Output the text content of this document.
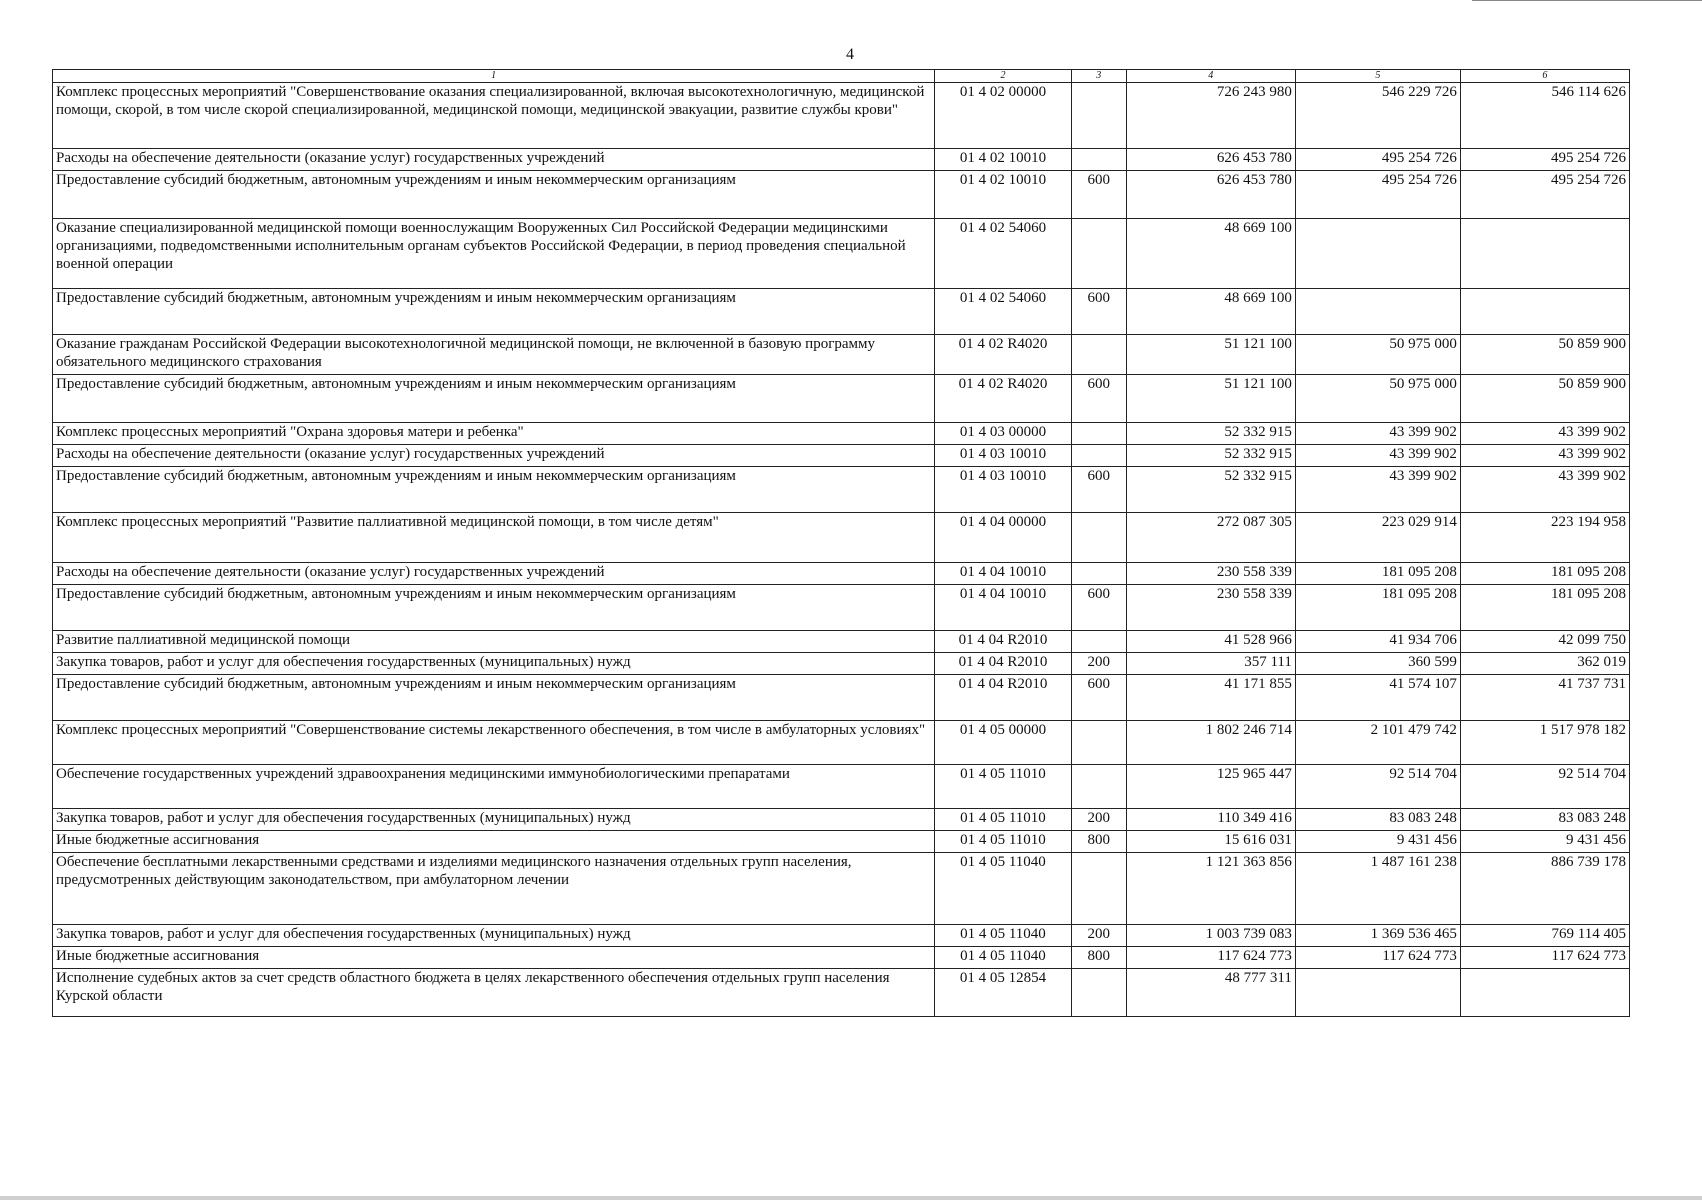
4
1	2	3	4	5	6
Комплекс процессных мероприятий "Совершенствование оказания специализированной, включая высокотехнологичную, медицинской помощи, скорой, в том числе скорой специализированной, медицинской помощи, медицинской эвакуации, развитие службы крови"	01 4 02 00000		726 243 980	546 229 726	546 114 626
Расходы на обеспечение деятельности (оказание услуг) государственных учреждений	01 4 02 10010		626 453 780	495 254 726	495 254 726
Предоставление субсидий бюджетным, автономным учреждениям и иным некоммерческим организациям	01 4 02 10010	600	626 453 780	495 254 726	495 254 726
Оказание специализированной медицинской помощи военнослужащим Вооруженных Сил Российской Федерации медицинскими организациями, подведомственными исполнительным органам субъектов Российской Федерации, в период проведения специальной военной операции	01 4 02 54060		48 669 100		
Предоставление субсидий бюджетным, автономным учреждениям и иным некоммерческим организациям	01 4 02 54060	600	48 669 100		
Оказание гражданам Российской Федерации высокотехнологичной медицинской помощи, не включенной в базовую программу обязательного медицинского страхования	01 4 02 R4020		51 121 100	50 975 000	50 859 900
Предоставление субсидий бюджетным, автономным учреждениям и иным некоммерческим организациям	01 4 02 R4020	600	51 121 100	50 975 000	50 859 900
Комплекс процессных мероприятий "Охрана здоровья матери и ребенка"	01 4 03 00000		52 332 915	43 399 902	43 399 902
Расходы на обеспечение деятельности (оказание услуг) государственных учреждений	01 4 03 10010		52 332 915	43 399 902	43 399 902
Предоставление субсидий бюджетным, автономным учреждениям и иным некоммерческим организациям	01 4 03 10010	600	52 332 915	43 399 902	43 399 902
Комплекс процессных мероприятий "Развитие паллиативной медицинской помощи, в том числе детям"	01 4 04 00000		272 087 305	223 029 914	223 194 958
Расходы на обеспечение деятельности (оказание услуг) государственных учреждений	01 4 04 10010		230 558 339	181 095 208	181 095 208
Предоставление субсидий бюджетным, автономным учреждениям и иным некоммерческим организациям	01 4 04 10010	600	230 558 339	181 095 208	181 095 208
Развитие паллиативной медицинской помощи	01 4 04 R2010		41 528 966	41 934 706	42 099 750
Закупка товаров, работ и услуг для обеспечения государственных (муниципальных) нужд	01 4 04 R2010	200	357 111	360 599	362 019
Предоставление субсидий бюджетным, автономным учреждениям и иным некоммерческим организациям	01 4 04 R2010	600	41 171 855	41 574 107	41 737 731
Комплекс процессных мероприятий "Совершенствование системы лекарственного обеспечения, в том числе в амбулаторных условиях"	01 4 05 00000		1 802 246 714	2 101 479 742	1 517 978 182
Обеспечение государственных учреждений здравоохранения медицинскими иммунобиологическими препаратами	01 4 05 11010		125 965 447	92 514 704	92 514 704
Закупка товаров, работ и услуг для обеспечения государственных (муниципальных) нужд	01 4 05 11010	200	110 349 416	83 083 248	83 083 248
Иные бюджетные ассигнования	01 4 05 11010	800	15 616 031	9 431 456	9 431 456
Обеспечение бесплатными лекарственными средствами и изделиями медицинского назначения отдельных групп населения, предусмотренных действующим законодательством, при амбулаторном лечении	01 4 05 11040		1 121 363 856	1 487 161 238	886 739 178
Закупка товаров, работ и услуг для обеспечения государственных (муниципальных) нужд	01 4 05 11040	200	1 003 739 083	1 369 536 465	769 114 405
Иные бюджетные ассигнования	01 4 05 11040	800	117 624 773	117 624 773	117 624 773
Исполнение судебных актов за счет средств областного бюджета в целях лекарственного обеспечения отдельных групп населения Курской области	01 4 05 12854		48 777 311		
